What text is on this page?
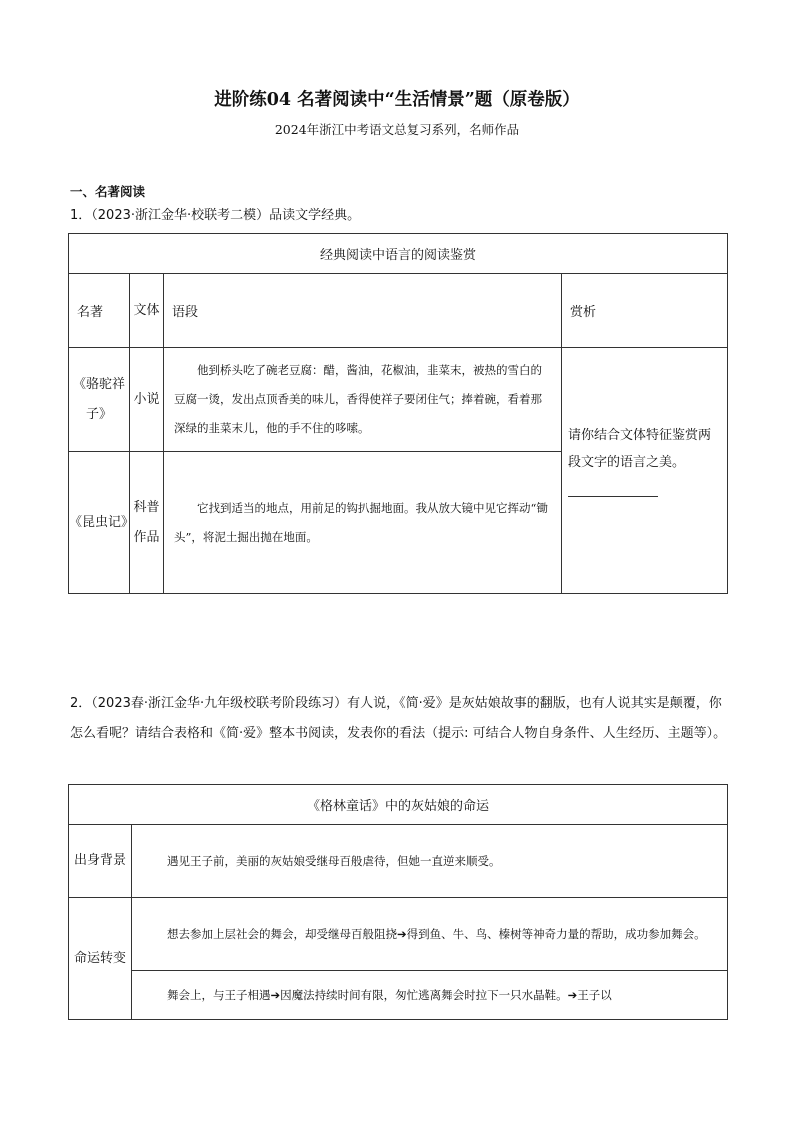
进阶练04 名著阅读中“生活情景”题（原卷版）
2024年浙江中考语文总复习系列，名师作品
一、名著阅读
1．（2023·浙江金华·校联考二模）品读文学经典。
经典阅读中语言的阅读鉴赏			
名著	文体	语段	赏析
《骆驼祥子》	小说	他到桥头吃了碗老豆腐：醋，酱油，花椒油，韭菜末，被热的雪白的豆腐一烫，发出点顶香美的味儿，香得使祥子要闭住气；捧着碗，看着那深绿的韭菜末儿，他的手不住的哆嗦。	请你结合文体特征鉴赏两段文字的语言之美。

《昆虫记》	科普作品	它找到适当的地点，用前足的钩扒掘地面。我从放大镜中见它挥动“锄头”，将泥土掘出抛在地面。	
2．（2023春·浙江金华·九年级校联考阶段练习）有人说，《简·爱》是灰姑娘故事的翻版，也有人说其实是颠覆，你怎么看呢？请结合表格和《简·爱》整本书阅读，发表你的看法（提示: 可结合人物自身条件、人生经历、主题等）。
《格林童话》中的灰姑娘的命运	
出身背景	遇见王子前，美丽的灰姑娘受继母百般虐待，但她一直逆来顺受。
命运转变	想去参加上层社会的舞会，却受继母百般阻挠➔得到鱼、牛、鸟、榛树等神奇力量的帮助，成功参加舞会。
	舞会上，与王子相遇➔因魔法持续时间有限，匆忙逃离舞会时拉下一只水晶鞋。➔王子以
